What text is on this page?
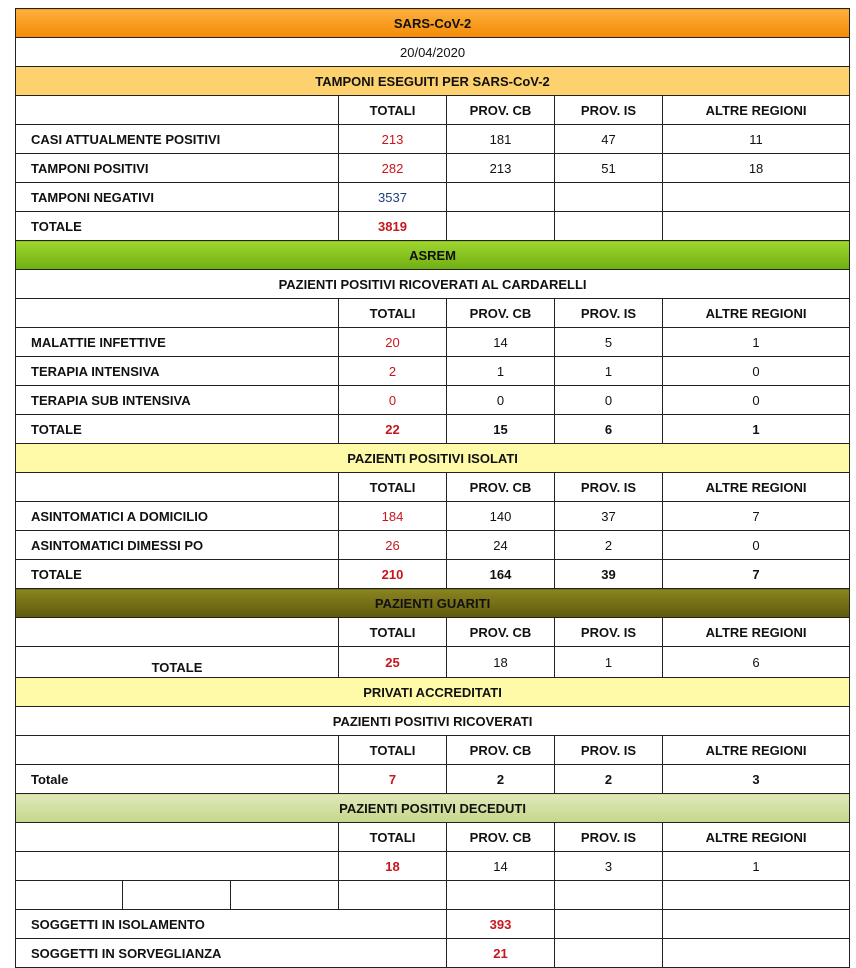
SARS-CoV-2						
20/04/2020						
TAMPONI ESEGUITI PER SARS-CoV-2						
			TOTALI	PROV. CB	PROV. IS	ALTRE REGIONI
CASI ATTUALMENTE POSITIVI			213	181	47	11
TAMPONI POSITIVI			282	213	51	18
TAMPONI NEGATIVI			3537			
TOTALE			3819			
ASREM						
PAZIENTI POSITIVI RICOVERATI AL CARDARELLI						
			TOTALI	PROV. CB	PROV. IS	ALTRE REGIONI
MALATTIE INFETTIVE			20	14	5	1
TERAPIA INTENSIVA			2	1	1	0
TERAPIA SUB INTENSIVA			0	0	0	0
TOTALE			22	15	6	1
PAZIENTI POSITIVI ISOLATI						
			TOTALI	PROV. CB	PROV. IS	ALTRE REGIONI
ASINTOMATICI A DOMICILIO			184	140	37	7
ASINTOMATICI DIMESSI PO			26	24	2	0
TOTALE			210	164	39	7
PAZIENTI GUARITI						
			TOTALI	PROV. CB	PROV. IS	ALTRE REGIONI
TOTALE			25	18	1	6
PRIVATI ACCREDITATI						
PAZIENTI POSITIVI RICOVERATI						
			TOTALI	PROV. CB	PROV. IS	ALTRE REGIONI
Totale			7	2	2	3
PAZIENTI POSITIVI DECEDUTI						
			TOTALI	PROV. CB	PROV. IS	ALTRE REGIONI
			18	14	3	1

SOGGETTI IN ISOLAMENTO				393		
SOGGETTI IN SORVEGLIANZA				21		
